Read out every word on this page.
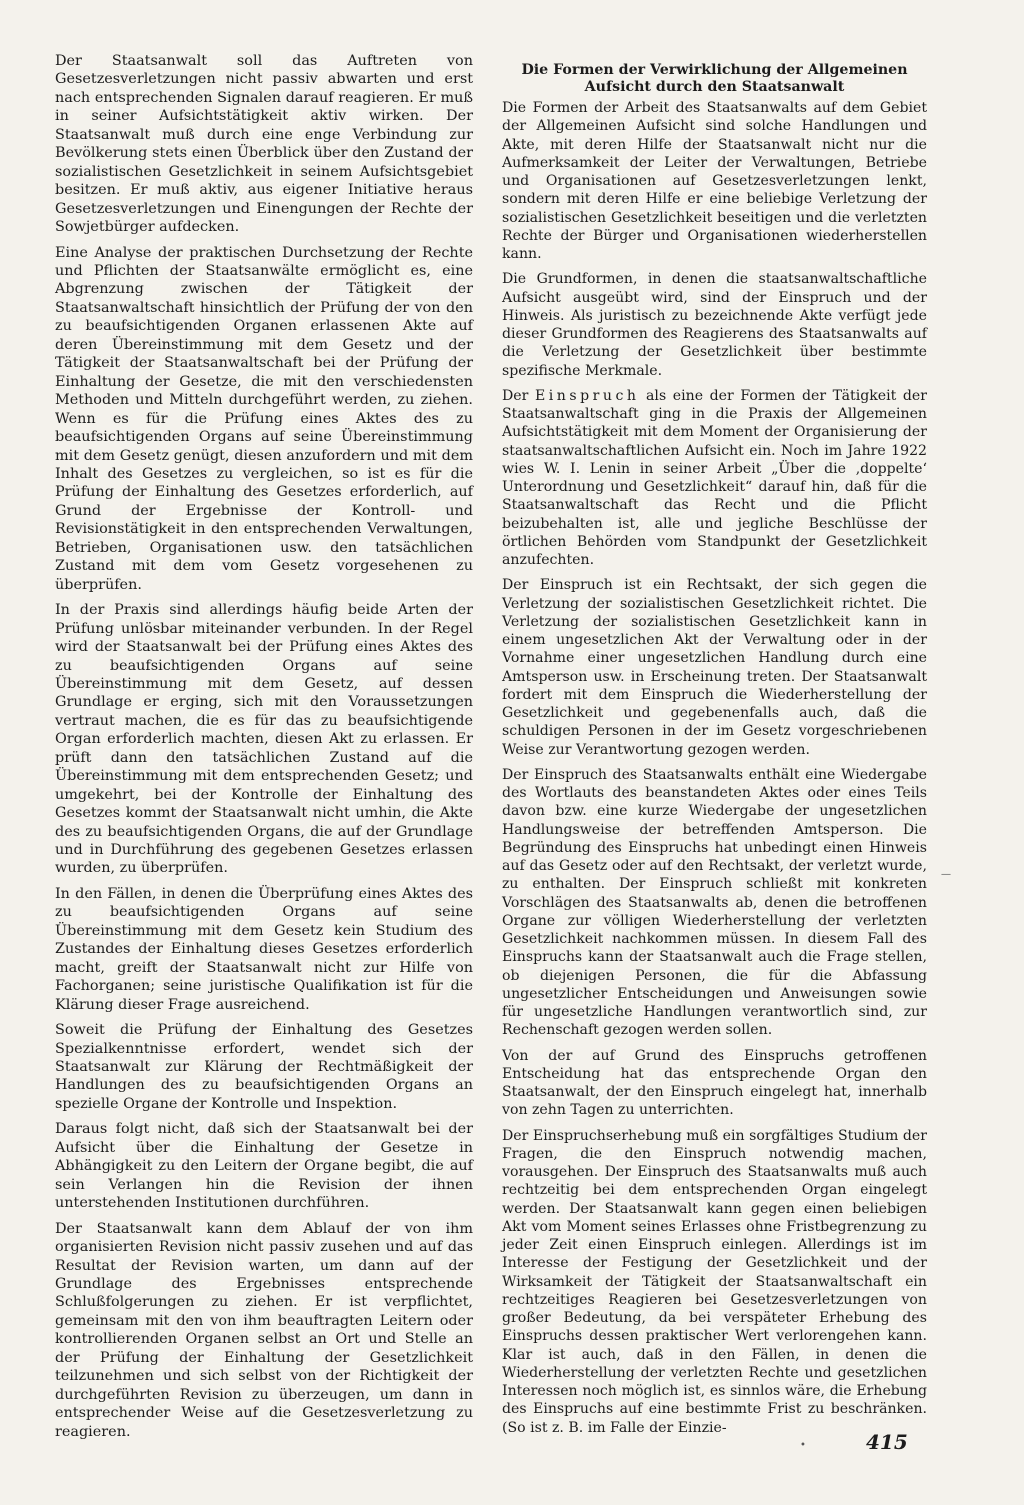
Der Staatsanwalt soll das Auftreten von Gesetzesverletzungen nicht passiv abwarten und erst nach entsprechenden Signalen darauf reagieren. Er muß in seiner Aufsichtstätigkeit aktiv wirken. Der Staatsanwalt muß durch eine enge Verbindung zur Bevölkerung stets einen Überblick über den Zustand der sozialistischen Gesetzlichkeit in seinem Aufsichtsgebiet besitzen. Er muß aktiv, aus eigener Initiative heraus Gesetzesverletzungen und Einengungen der Rechte der Sowjetbürger aufdecken.

Eine Analyse der praktischen Durchsetzung der Rechte und Pflichten der Staatsanwälte ermöglicht es, eine Abgrenzung zwischen der Tätigkeit der Staatsanwaltschaft hinsichtlich der Prüfung der von den zu beaufsichtigenden Organen erlassenen Akte auf deren Übereinstimmung mit dem Gesetz und der Tätigkeit der Staatsanwaltschaft bei der Prüfung der Einhaltung der Gesetze, die mit den verschiedensten Methoden und Mitteln durchgeführt werden, zu ziehen. Wenn es für die Prüfung eines Aktes des zu beaufsichtigenden Organs auf seine Übereinstimmung mit dem Gesetz genügt, diesen anzufordern und mit dem Inhalt des Gesetzes zu vergleichen, so ist es für die Prüfung der Einhaltung des Gesetzes erforderlich, auf Grund der Ergebnisse der Kontroll- und Revisionstätigkeit in den entsprechenden Verwaltungen, Betrieben, Organisationen usw. den tatsächlichen Zustand mit dem vom Gesetz vorgesehenen zu überprüfen.

In der Praxis sind allerdings häufig beide Arten der Prüfung unlösbar miteinander verbunden. In der Regel wird der Staatsanwalt bei der Prüfung eines Aktes des zu beaufsichtigenden Organs auf seine Übereinstimmung mit dem Gesetz, auf dessen Grundlage er erging, sich mit den Voraussetzungen vertraut machen, die es für das zu beaufsichtigende Organ erforderlich machten, diesen Akt zu erlassen. Er prüft dann den tatsächlichen Zustand auf die Übereinstimmung mit dem entsprechenden Gesetz; und umgekehrt, bei der Kontrolle der Einhaltung des Gesetzes kommt der Staatsanwalt nicht umhin, die Akte des zu beaufsichtigenden Organs, die auf der Grundlage und in Durchführung des gegebenen Gesetzes erlassen wurden, zu überprüfen.

In den Fällen, in denen die Überprüfung eines Aktes des zu beaufsichtigenden Organs auf seine Übereinstimmung mit dem Gesetz kein Studium des Zustandes der Einhaltung dieses Gesetzes erforderlich macht, greift der Staatsanwalt nicht zur Hilfe von Fachorganen; seine juristische Qualifikation ist für die Klärung dieser Frage ausreichend.

Soweit die Prüfung der Einhaltung des Gesetzes Spezialkenntnisse erfordert, wendet sich der Staatsanwalt zur Klärung der Rechtmäßigkeit der Handlungen des zu beaufsichtigenden Organs an spezielle Organe der Kontrolle und Inspektion.

Daraus folgt nicht, daß sich der Staatsanwalt bei der Aufsicht über die Einhaltung der Gesetze in Abhängigkeit zu den Leitern der Organe begibt, die auf sein Verlangen hin die Revision der ihnen unterstehenden Institutionen durchführen.

Der Staatsanwalt kann dem Ablauf der von ihm organisierten Revision nicht passiv zusehen und auf das Resultat der Revision warten, um dann auf der Grundlage des Ergebnisses entsprechende Schlußfolgerungen zu ziehen. Er ist verpflichtet, gemeinsam mit den von ihm beauftragten Leitern oder kontrollierenden Organen selbst an Ort und Stelle an der Prüfung der Einhaltung der Gesetzlichkeit teilzunehmen und sich selbst von der Richtigkeit der durchgeführten Revision zu überzeugen, um dann in entsprechender Weise auf die Gesetzesverletzung zu reagieren.

Die Formen der Verwirklichung der Allgemeinen Aufsicht durch den Staatsanwalt

Die Formen der Arbeit des Staatsanwalts auf dem Gebiet der Allgemeinen Aufsicht sind solche Handlungen und Akte, mit deren Hilfe der Staatsanwalt nicht nur die Aufmerksamkeit der Leiter der Verwaltungen, Betriebe und Organisationen auf Gesetzesverletzungen lenkt, sondern mit deren Hilfe er eine beliebige Verletzung der sozialistischen Gesetzlichkeit beseitigen und die verletzten Rechte der Bürger und Organisationen wiederherstellen kann.

Die Grundformen, in denen die staatsanwaltschaftliche Aufsicht ausgeübt wird, sind der Einspruch und der Hinweis. Als juristisch zu bezeichnende Akte verfügt jede dieser Grundformen des Reagierens des Staatsanwalts auf die Verletzung der Gesetzlichkeit über bestimmte spezifische Merkmale.

Der Einspruch als eine der Formen der Tätigkeit der Staatsanwaltschaft ging in die Praxis der Allgemeinen Aufsichtstätigkeit mit dem Moment der Organisierung der staatsanwaltschaftlichen Aufsicht ein. Noch im Jahre 1922 wies W. I. Lenin in seiner Arbeit „Über die ‚doppelte‘ Unterordnung und Gesetzlichkeit“ darauf hin, daß für die Staatsanwaltschaft das Recht und die Pflicht beizubehalten ist, alle und jegliche Beschlüsse der örtlichen Behörden vom Standpunkt der Gesetzlichkeit anzufechten.

Der Einspruch ist ein Rechtsakt, der sich gegen die Verletzung der sozialistischen Gesetzlichkeit richtet. Die Verletzung der sozialistischen Gesetzlichkeit kann in einem ungesetzlichen Akt der Verwaltung oder in der Vornahme einer ungesetzlichen Handlung durch eine Amtsperson usw. in Erscheinung treten. Der Staatsanwalt fordert mit dem Einspruch die Wiederherstellung der Gesetzlichkeit und gegebenenfalls auch, daß die schuldigen Personen in der im Gesetz vorgeschriebenen Weise zur Verantwortung gezogen werden.

Der Einspruch des Staatsanwalts enthält eine Wiedergabe des Wortlauts des beanstandeten Aktes oder eines Teils davon bzw. eine kurze Wiedergabe der ungesetzlichen Handlungsweise der betreffenden Amtsperson. Die Begründung des Einspruchs hat unbedingt einen Hinweis auf das Gesetz oder auf den Rechtsakt, der verletzt wurde, zu enthalten. Der Einspruch schließt mit konkreten Vorschlägen des Staatsanwalts ab, denen die betroffenen Organe zur völligen Wiederherstellung der verletzten Gesetzlichkeit nachkommen müssen. In diesem Fall des Einspruchs kann der Staatsanwalt auch die Frage stellen, ob diejenigen Personen, die für die Abfassung ungesetzlicher Entscheidungen und Anweisungen sowie für ungesetzliche Handlungen verantwortlich sind, zur Rechenschaft gezogen werden sollen.

Von der auf Grund des Einspruchs getroffenen Entscheidung hat das entsprechende Organ den Staatsanwalt, der den Einspruch eingelegt hat, innerhalb von zehn Tagen zu unterrichten.

Der Einspruchserhebung muß ein sorgfältiges Studium der Fragen, die den Einspruch notwendig machen, vorausgehen. Der Einspruch des Staatsanwalts muß auch rechtzeitig bei dem entsprechenden Organ eingelegt werden. Der Staatsanwalt kann gegen einen beliebigen Akt vom Moment seines Erlasses ohne Fristbegrenzung zu jeder Zeit einen Einspruch einlegen. Allerdings ist im Interesse der Festigung der Gesetzlichkeit und der Wirksamkeit der Tätigkeit der Staatsanwaltschaft ein rechtzeitiges Reagieren bei Gesetzesverletzungen von großer Bedeutung, da bei verspäteter Erhebung des Einspruchs dessen praktischer Wert verlorengehen kann. Klar ist auch, daß in den Fällen, in denen die Wiederherstellung der verletzten Rechte und gesetzlichen Interessen noch möglich ist, es sinnlos wäre, die Erhebung des Einspruchs auf eine bestimmte Frist zu beschränken. (So ist z. B. im Falle der Einzie-

415
—
•
